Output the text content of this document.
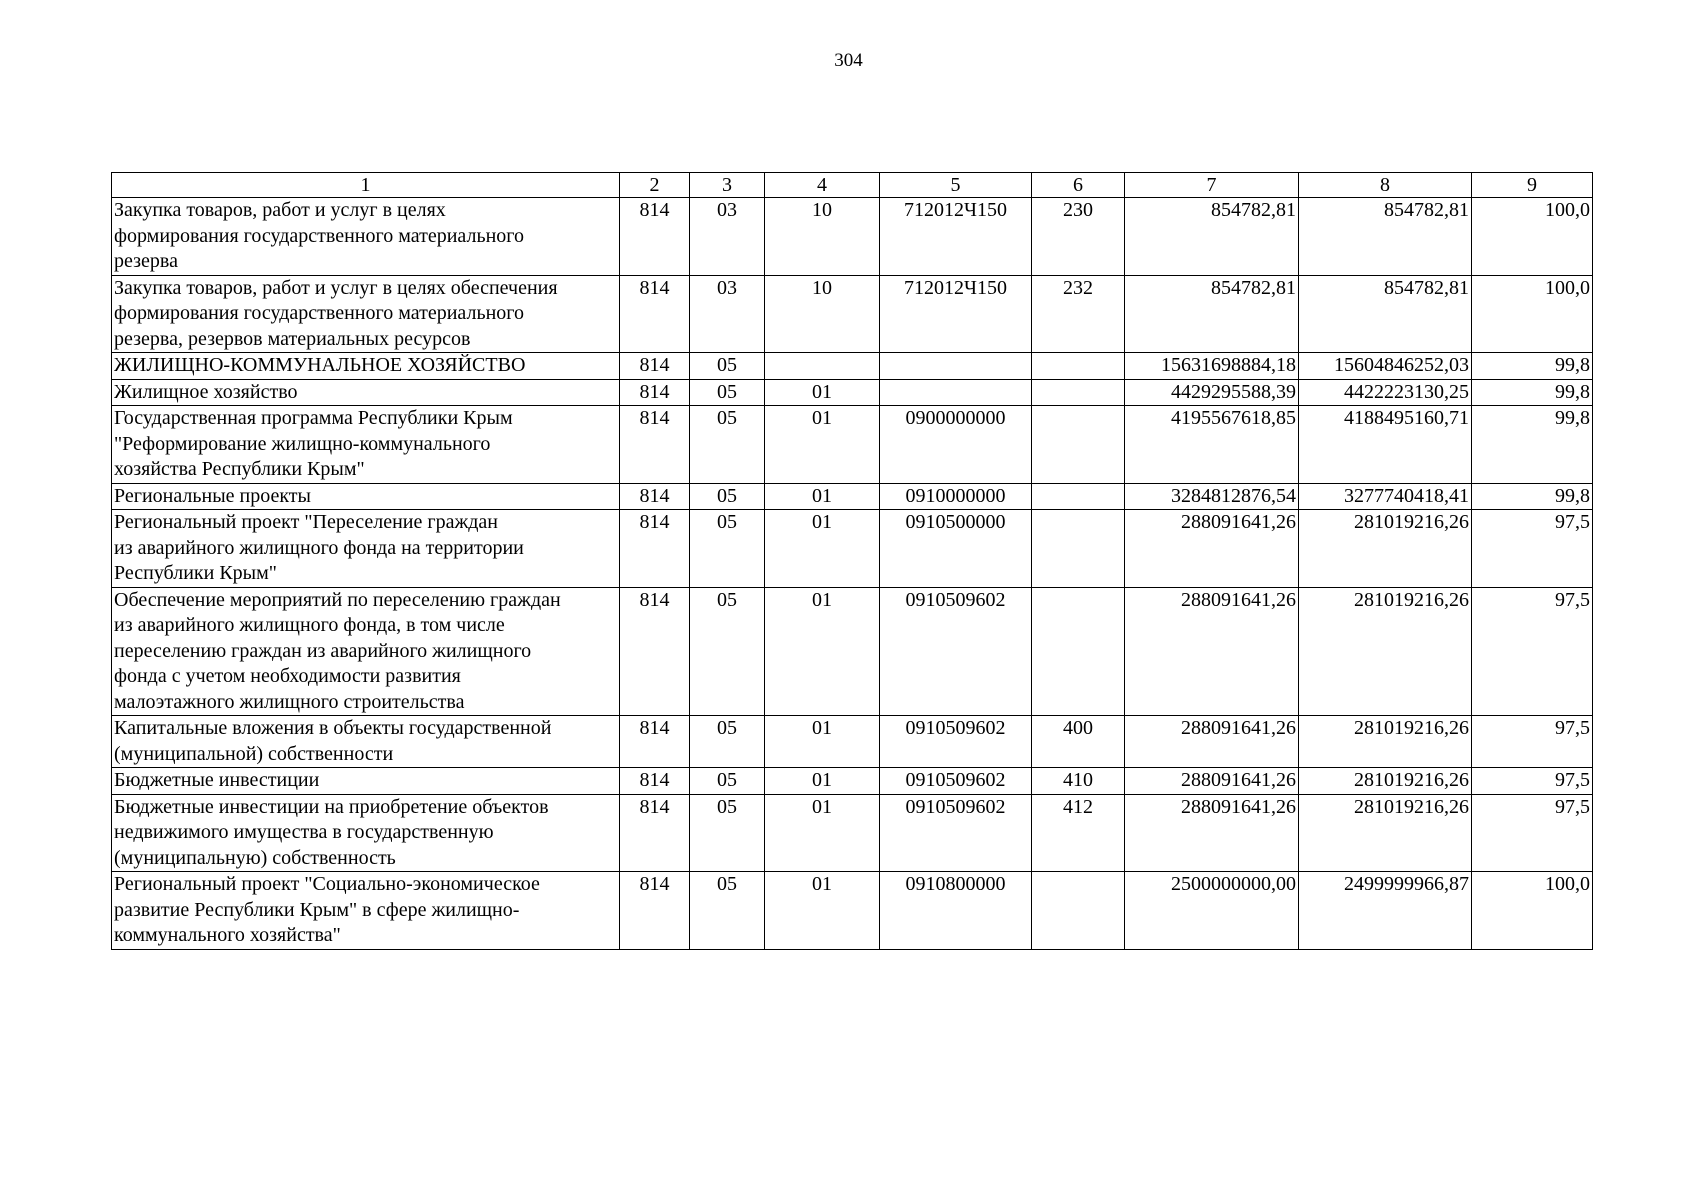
304
1	2	3	4	5	6	7	8	9
Закупка товаров, работ и услуг в целях
формирования государственного материального
резерва	814	03	10	712012Ч150	230	854782,81	854782,81	100,0
Закупка товаров, работ и услуг в целях обеспечения
формирования государственного материального
резерва, резервов материальных ресурсов	814	03	10	712012Ч150	232	854782,81	854782,81	100,0
ЖИЛИЩНО-КОММУНАЛЬНОЕ ХОЗЯЙСТВО	814	05				15631698884,18	15604846252,03	99,8
Жилищное хозяйство	814	05	01			4429295588,39	4422223130,25	99,8
Государственная программа Республики Крым
"Реформирование жилищно-коммунального
хозяйства Республики Крым"	814	05	01	0900000000		4195567618,85	4188495160,71	99,8
Региональные проекты	814	05	01	0910000000		3284812876,54	3277740418,41	99,8
Региональный проект "Переселение граждан
из аварийного жилищного фонда на территории
Республики Крым"	814	05	01	0910500000		288091641,26	281019216,26	97,5
Обеспечение мероприятий по переселению граждан
из аварийного жилищного фонда, в том числе
переселению граждан из аварийного жилищного
фонда с учетом необходимости развития
малоэтажного жилищного строительства	814	05	01	0910509602		288091641,26	281019216,26	97,5
Капитальные вложения в объекты государственной
(муниципальной) собственности	814	05	01	0910509602	400	288091641,26	281019216,26	97,5
Бюджетные инвестиции	814	05	01	0910509602	410	288091641,26	281019216,26	97,5
Бюджетные инвестиции на приобретение объектов
недвижимого имущества в государственную
(муниципальную) собственность	814	05	01	0910509602	412	288091641,26	281019216,26	97,5
Региональный проект "Социально-экономическое
развитие Республики Крым" в сфере жилищно-
коммунального хозяйства"	814	05	01	0910800000		2500000000,00	2499999966,87	100,0
